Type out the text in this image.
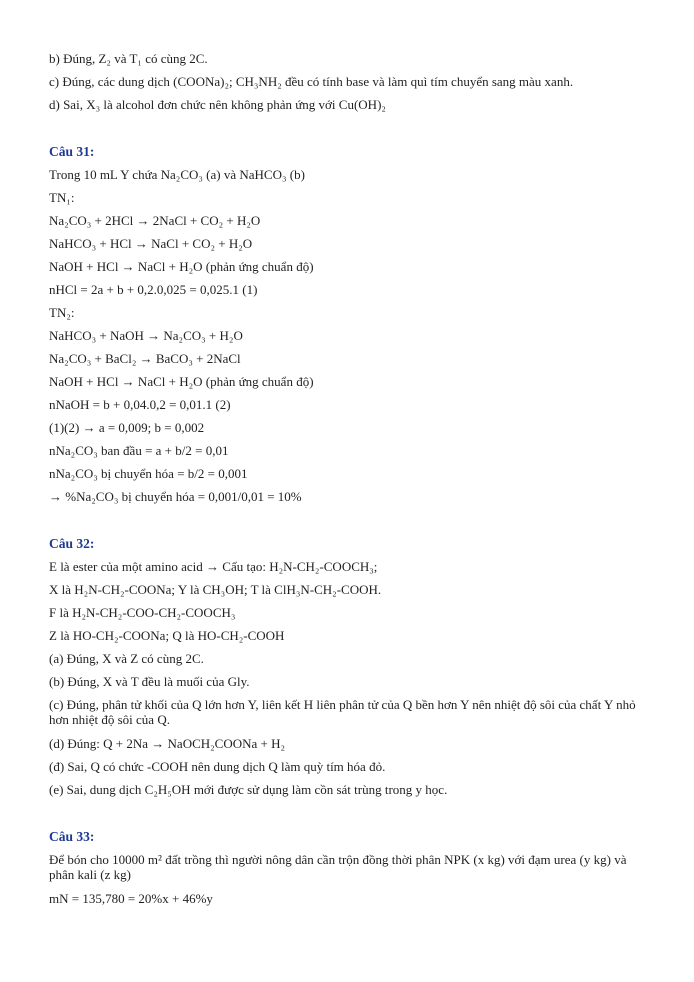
b) Đúng, Z₂ và T₁ có cùng 2C.
c) Đúng, các dung dịch (COONa)₂; CH₃NH₂ đều có tính base và làm quì tím chuyển sang màu xanh.
d) Sai, X₃ là alcohol đơn chức nên không phản ứng với Cu(OH)₂
Câu 31:
Trong 10 mL Y chứa Na₂CO₃ (a) và NaHCO₃ (b)
TN₁:
Na₂CO₃ + 2HCl → 2NaCl + CO₂ + H₂O
NaHCO₃ + HCl → NaCl + CO₂ + H₂O
NaOH + HCl → NaCl + H₂O (phản ứng chuẩn độ)
nHCl = 2a + b + 0,2.0,025 = 0,025.1 (1)
TN₂:
NaHCO₃ + NaOH → Na₂CO₃ + H₂O
Na₂CO₃ + BaCl₂ → BaCO₃ + 2NaCl
NaOH + HCl → NaCl + H₂O (phản ứng chuẩn độ)
nNaOH = b + 0,04.0,2 = 0,01.1 (2)
(1)(2) → a = 0,009; b = 0,002
nNa₂CO₃ ban đầu = a + b/2 = 0,01
nNa₂CO₃ bị chuyển hóa = b/2 = 0,001
→ %Na₂CO₃ bị chuyển hóa = 0,001/0,01 = 10%
Câu 32:
E là ester của một amino acid → Cấu tạo: H₂N-CH₂-COOCH₃;
X là H₂N-CH₂-COONa; Y là CH₃OH; T là ClH₃N-CH₂-COOH.
F là H₂N-CH₂-COO-CH₂-COOCH₃
Z là HO-CH₂-COONa; Q là HO-CH₂-COOH
(a) Đúng, X và Z có cùng 2C.
(b) Đúng, X và T đều là muối của Gly.
(c) Đúng, phân tử khối của Q lớn hơn Y, liên kết H liên phân tử của Q bền hơn Y nên nhiệt độ sôi của chất Y nhỏ hơn nhiệt độ sôi của Q.
(d) Đúng: Q + 2Na → NaOCH₂COONa + H₂
(đ) Sai, Q có chức -COOH nên dung dịch Q làm quỳ tím hóa đỏ.
(e) Sai, dung dịch C₂H₅OH mới được sử dụng làm cồn sát trùng trong y học.
Câu 33:
Để bón cho 10000 m² đất trồng thì người nông dân cần trộn đồng thời phân NPK (x kg) với đạm urea (y kg) và phân kali (z kg)
mN = 135,780 = 20%x + 46%y
